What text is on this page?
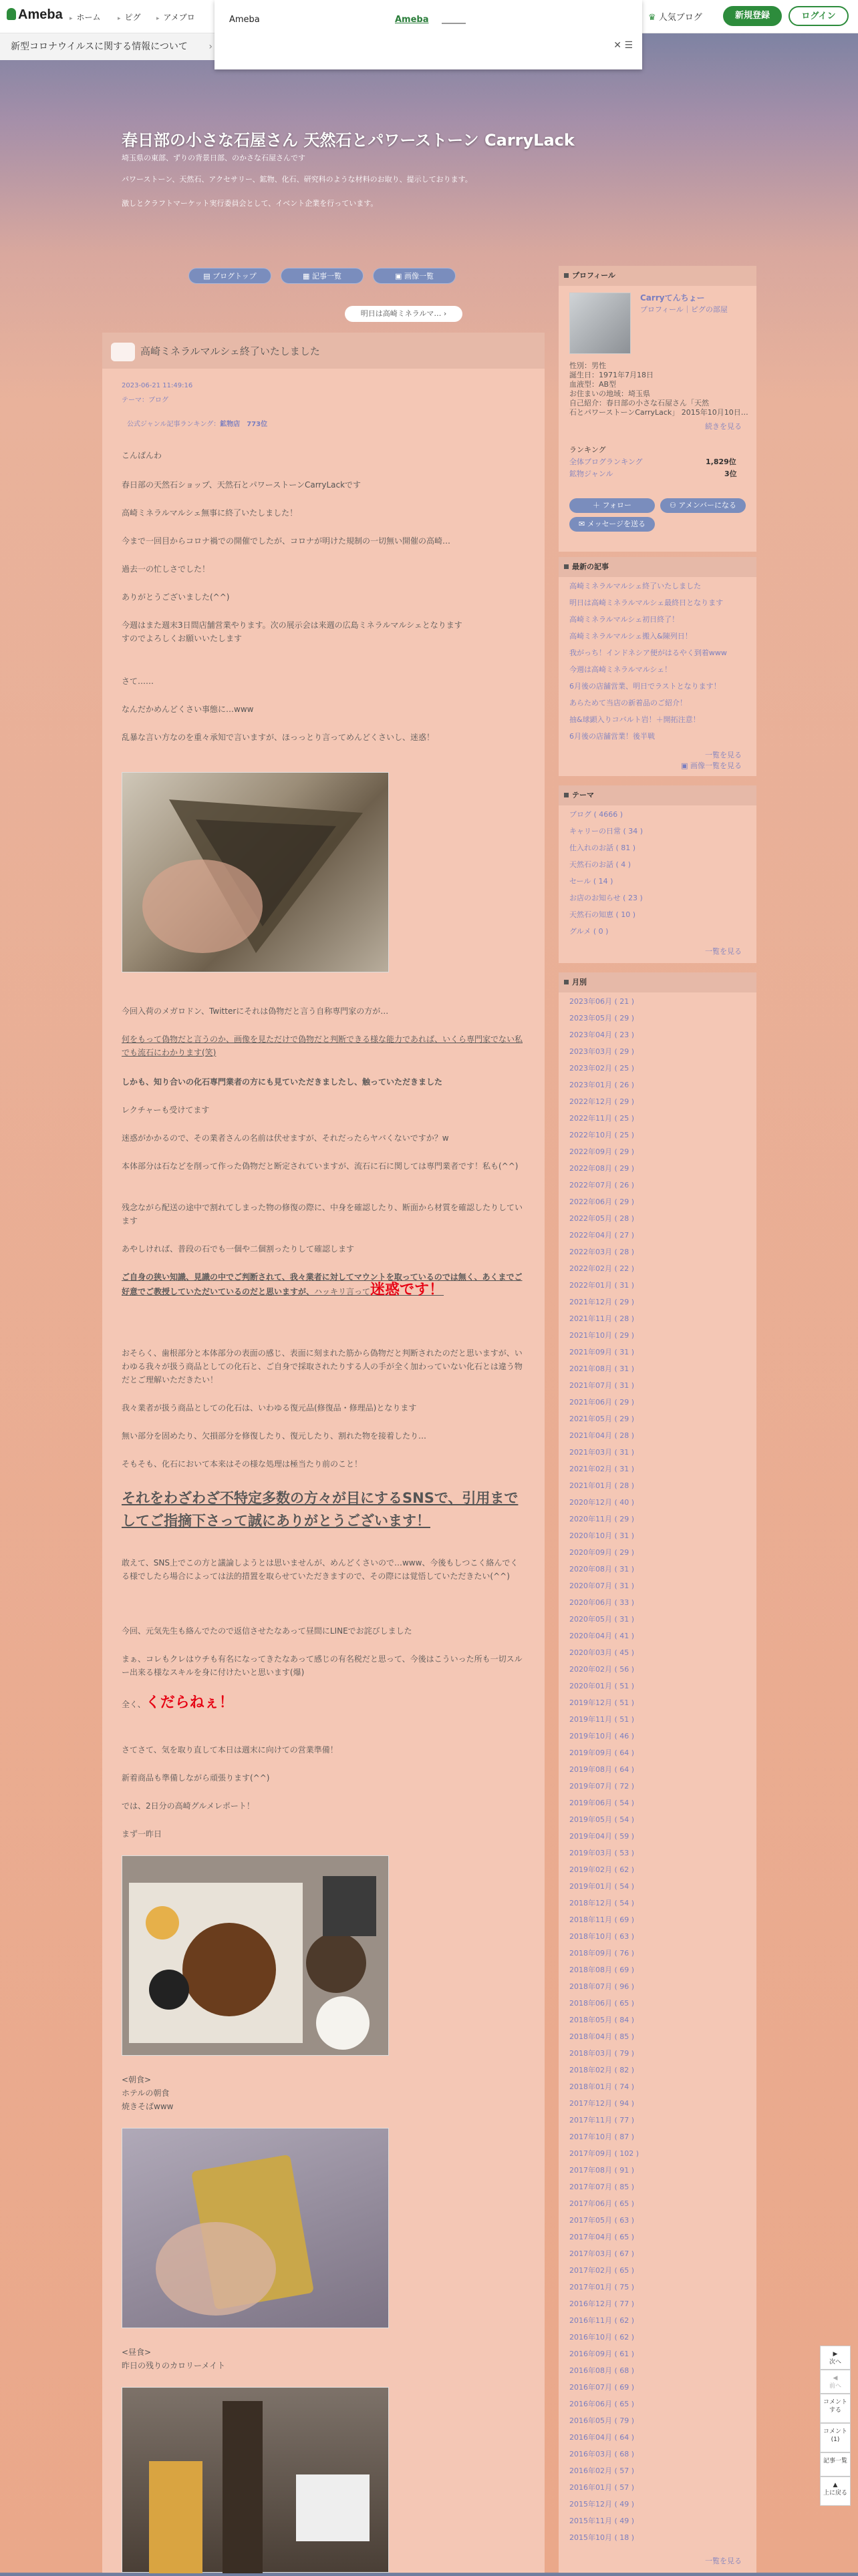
Ameba	▸ ホーム	▸ ピグ	▸ アメブロ	♛ 人気ブログ	新規登録	ログイン
新型コロナウイルスに関する情報について ›
Ameba	Ameba
✕ ☰
春日部の小さな石屋さん 天然石とパワーストーン CarryLack
埼玉県の東部、ずりの背景日部、のかさな石屋さんです
パワーストーン、天然石、アクセサリー、鉱物、化石、研究科のような材料のお取り、提示しております。
激しとクラフトマーケット実行委員会として、イベント企業を行っています。
▤ ブログトップ	▦ 記事一覧	▣ 画像一覧
明日は高崎ミネラルマ… ›
高崎ミネラルマルシェ終了いたしました
2023-06-21 11:49:16
テーマ：ブログ
公式ジャンル記事ランキング：鉱物店　 773位
こんばんわ
春日部の天然石ショップ、天然石とパワーストーンCarryLackです
高崎ミネラルマルシェ無事に終了いたしました！
今まで一回目からコロナ禍での開催でしたが、コロナが明けた規制の一切無い開催の高崎…
過去一の忙しさでした！
ありがとうございました(^^)
今週はまた週末3日間店舗営業やります。次の展示会は来週の広島ミネラルマルシェとなります
すのでよろしくお願いいたします
さて……
なんだかめんどくさい事態に…www
乱暴な言い方なのを重々承知で言いますが、ほっっとり言ってめんどくさいし、迷惑！
今回入荷のメガロドン、Twitterにそれは偽物だと言う自称専門家の方が…
何をもって偽物だと言うのか、画像を見ただけで偽物だと判断できる様な能力であれば、いくら専門家でない私でも流石にわかります(笑)
しかも、知り合いの化石専門業者の方にも見ていただきましたし、触っていただきました
レクチャーも受けてます
迷惑がかかるので、その業者さんの名前は伏せますが、それだったらヤバくないですか？w
本体部分は石などを削って作った偽物だと断定されていますが、流石に石に関しては専門業者です！私も(^^)
残念ながら配送の途中で割れてしまった物の修復の際に、中身を確認したり、断面から材質を確認したりしています
あやしければ、普段の石でも一個や二個割ったりして確認します
ご自身の狭い知識、見識の中でご判断されて、我々業者に対してマウントを取っているのでは無く、あくまでご好意でご教授していただいているのだと思いますが、ハッキリ言って迷惑です！
おそらく、歯根部分と本体部分の表面の感じ、表面に刻まれた筋から偽物だと判断されたのだと思いますが、いわゆる我々が扱う商品としての化石と、ご自身で採取されたりする人の手が全く加わっていない化石とは違う物だとご理解いただきたい！
我々業者が扱う商品としての化石は、いわゆる復元品(修復品・修理品)となります
無い部分を固めたり、欠損部分を修復したり、復元したり、割れた物を接着したり…
そもそも、化石において本来はその様な処理は極当たり前のこと！
それをわざわざ不特定多数の方々が目にするSNSで、引用までしてご指摘下さって誠にありがとうございます！
敢えて、SNS上でこの方と議論しようとは思いませんが、めんどくさいので…www、今後もしつこく絡んでくる様でしたら場合によっては法的措置を取らせていただきますので、その際には覚悟していただきたい(^^)
今回、元気先生も絡んでたので返信させたなあって昼間にLINEでお詫びしました
まぁ、コレもクレはウチも有名になってきたなあって感じの有名税だと思って、今後はこういった所も一切スルー出来る様なスキルを身に付けたいと思います(爆)
全く、くだらねぇ！
さてさて、気を取り直して本日は週末に向けての営業準備！
新着商品も準備しながら頑張ります(^^)
では、2日分の高崎グルメレポート！
まず一昨日
<朝食>
ホテルの朝食
焼きそばwww
<昼食>
昨日の残りのカロリーメイト
プロフィール
Carryてんちょー
プロフィール｜ピグの部屋
性別：男性
誕生日：1971年7月18日
血液型：AB型
お住まいの地域：埼玉県
自己紹介：春日部の小さな石屋さん「天然
石とパワーストーンCarryLack」 2015年10月10日…
続きを見る
ランキング
全体ブログランキング	1,829位
鉱物ジャンル	3位
＋ フォロー	⚇ アメンバーになる
✉ メッセージを送る
最新の記事
高崎ミネラルマルシェ終了いたしました
明日は高崎ミネラルマルシェ最終日となります
高崎ミネラルマルシェ初日終了！
高崎ミネラルマルシェ搬入&陳列日！
我がっち！インドネシア便がはるやく到着www
今週は高崎ミネラルマルシェ！
6月後の店舗営業、明日でラストとなります！
あらためて当店の新着品のご紹介！
抽&球顕入りコバルト岩！＋開拓注意！
6月後の店舗営業！後半戦
一覧を見る
▣ 画像一覧を見る
テーマ
ブログ ( 4666 )
キャリーの日常 ( 34 )
仕入れのお話 ( 81 )
天然石のお話 ( 4 )
セール ( 14 )
お店のお知らせ ( 23 )
天然石の知恵 ( 10 )
グルメ ( 0 )
一覧を見る
月別
2023年06月 ( 21 )
2023年05月 ( 29 )
2023年04月 ( 23 )
2023年03月 ( 29 )
2023年02月 ( 25 )
2023年01月 ( 26 )
2022年12月 ( 29 )
2022年11月 ( 25 )
2022年10月 ( 25 )
2022年09月 ( 29 )
2022年08月 ( 29 )
2022年07月 ( 26 )
2022年06月 ( 29 )
2022年05月 ( 28 )
2022年04月 ( 27 )
2022年03月 ( 28 )
2022年02月 ( 22 )
2022年01月 ( 31 )
2021年12月 ( 29 )
2021年11月 ( 28 )
2021年10月 ( 29 )
2021年09月 ( 31 )
2021年08月 ( 31 )
2021年07月 ( 31 )
2021年06月 ( 29 )
2021年05月 ( 29 )
2021年04月 ( 28 )
2021年03月 ( 31 )
2021年02月 ( 31 )
2021年01月 ( 28 )
2020年12月 ( 40 )
2020年11月 ( 29 )
2020年10月 ( 31 )
2020年09月 ( 29 )
2020年08月 ( 31 )
2020年07月 ( 31 )
2020年06月 ( 33 )
2020年05月 ( 31 )
2020年04月 ( 41 )
2020年03月 ( 45 )
2020年02月 ( 56 )
2020年01月 ( 51 )
2019年12月 ( 51 )
2019年11月 ( 51 )
2019年10月 ( 46 )
2019年09月 ( 64 )
2019年08月 ( 64 )
2019年07月 ( 72 )
2019年06月 ( 54 )
2019年05月 ( 54 )
2019年04月 ( 59 )
2019年03月 ( 53 )
2019年02月 ( 62 )
2019年01月 ( 54 )
2018年12月 ( 54 )
2018年11月 ( 69 )
2018年10月 ( 63 )
2018年09月 ( 76 )
2018年08月 ( 69 )
2018年07月 ( 96 )
2018年06月 ( 65 )
2018年05月 ( 84 )
2018年04月 ( 85 )
2018年03月 ( 79 )
2018年02月 ( 82 )
2018年01月 ( 74 )
2017年12月 ( 94 )
2017年11月 ( 77 )
2017年10月 ( 87 )
2017年09月 ( 102 )
2017年08月 ( 91 )
2017年07月 ( 85 )
2017年06月 ( 65 )
2017年05月 ( 63 )
2017年04月 ( 65 )
2017年03月 ( 67 )
2017年02月 ( 65 )
2017年01月 ( 75 )
2016年12月 ( 77 )
2016年11月 ( 62 )
2016年10月 ( 62 )
2016年09月 ( 61 )
2016年08月 ( 68 )
2016年07月 ( 69 )
2016年06月 ( 65 )
2016年05月 ( 79 )
2016年04月 ( 64 )
2016年03月 ( 68 )
2016年02月 ( 57 )
2016年01月 ( 57 )
2015年12月 ( 49 )
2015年11月 ( 49 )
2015年10月 ( 18 )
一覧を見る
▶
次へ
◀
前へ
コメントする
コメント(1)
記事一覧
▲
上に戻る
